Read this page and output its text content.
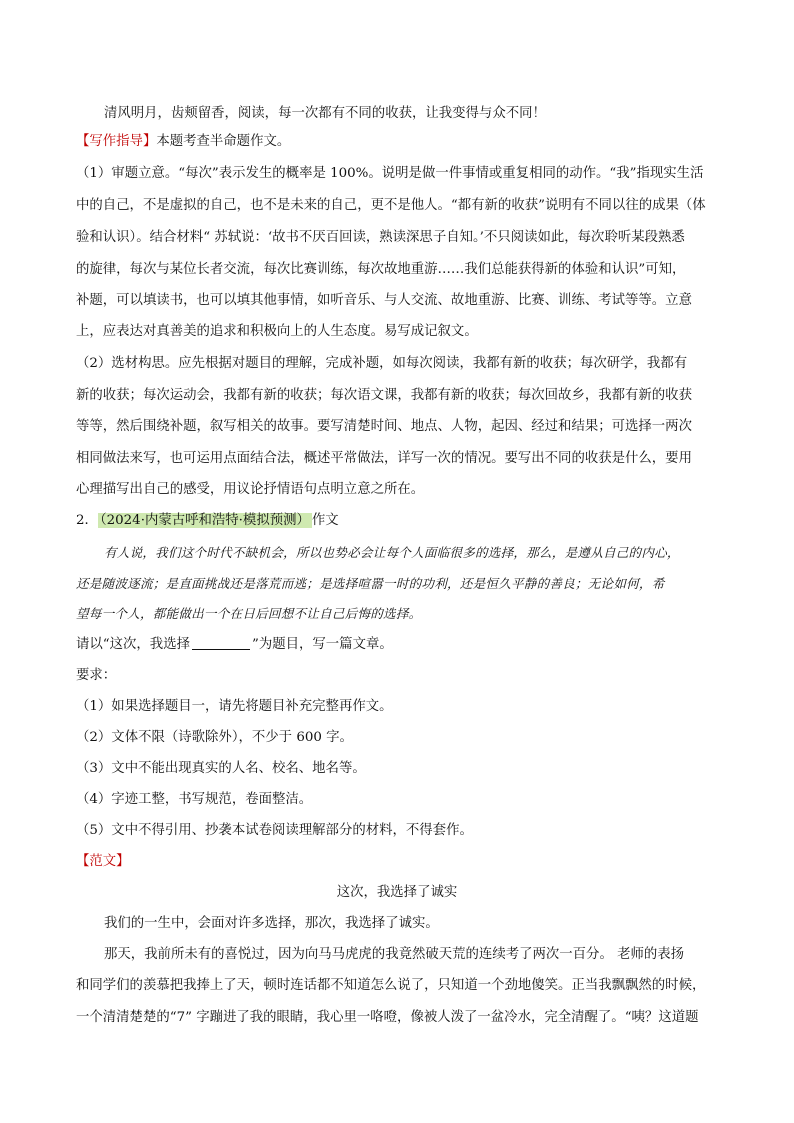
清风明月，齿颊留香，阅读，每一次都有不同的收获，让我变得与众不同！
【写作指导】本题考查半命题作文。
（1）审题立意。“每次”表示发生的概率是 100%。说明是做一件事情或重复相同的动作。“我”指现实生活
中的自己，不是虚拟的自己，也不是未来的自己，更不是他人。“都有新的收获”说明有不同以往的成果（体
验和认识）。结合材料“ 苏轼说：‘故书不厌百回读，熟读深思子自知。’不只阅读如此，每次聆听某段熟悉
的旋律，每次与某位长者交流，每次比赛训练，每次故地重游……我们总能获得新的体验和认识”可知，
补题，可以填读书，也可以填其他事情，如听音乐、与人交流、故地重游、比赛、训练、考试等等。立意
上，应表达对真善美的追求和积极向上的人生态度。易写成记叙文。
（2）选材构思。应先根据对题目的理解，完成补题，如每次阅读，我都有新的收获；每次研学，我都有
新的收获；每次运动会，我都有新的收获；每次语文课，我都有新的收获；每次回故乡，我都有新的收获
等等，然后围绕补题，叙写相关的故事。要写清楚时间、地点、人物，起因、经过和结果；可选择一两次
相同做法来写，也可运用点面结合法，概述平常做法，详写一次的情况。要写出不同的收获是什么，要用
心理描写出自己的感受，用议论抒情语句点明立意之所在。
2． （2024·内蒙古呼和浩特·模拟预测） 作文
有人说，我们这个时代不缺机会，所以也势必会让每个人面临很多的选择，那么，是遵从自己的内心，
还是随波逐流；是直面挑战还是落荒而逃；是选择喧嚣一时的功利，还是恒久平静的善良；无论如何，希
望每一个人，都能做出一个在日后回想不让自己后悔的选择。
请以“这次，我选择	”为题目，写一篇文章。
要求：
（1）如果选择题目一，请先将题目补充完整再作文。
（2）文体不限（诗歌除外），不少于 600 字。
（3）文中不能出现真实的人名、校名、地名等。
（4）字迹工整，书写规范，卷面整洁。
（5）文中不得引用、抄袭本试卷阅读理解部分的材料，不得套作。
【范文】
这次，我选择了诚实
我们的一生中，会面对许多选择，那次，我选择了诚实。
那天，我前所未有的喜悦过，因为向马马虎虎的我竟然破天荒的连续考了两次一百分。 老师的表扬
和同学们的羡慕把我捧上了天，顿时连话都不知道怎么说了，只知道一个劲地傻笑。正当我飘飘然的时候，
一个清清楚楚的“7” 字蹦进了我的眼睛，我心里一咯噔，像被人泼了一盆冷水，完全清醒了。“咦？这道题
